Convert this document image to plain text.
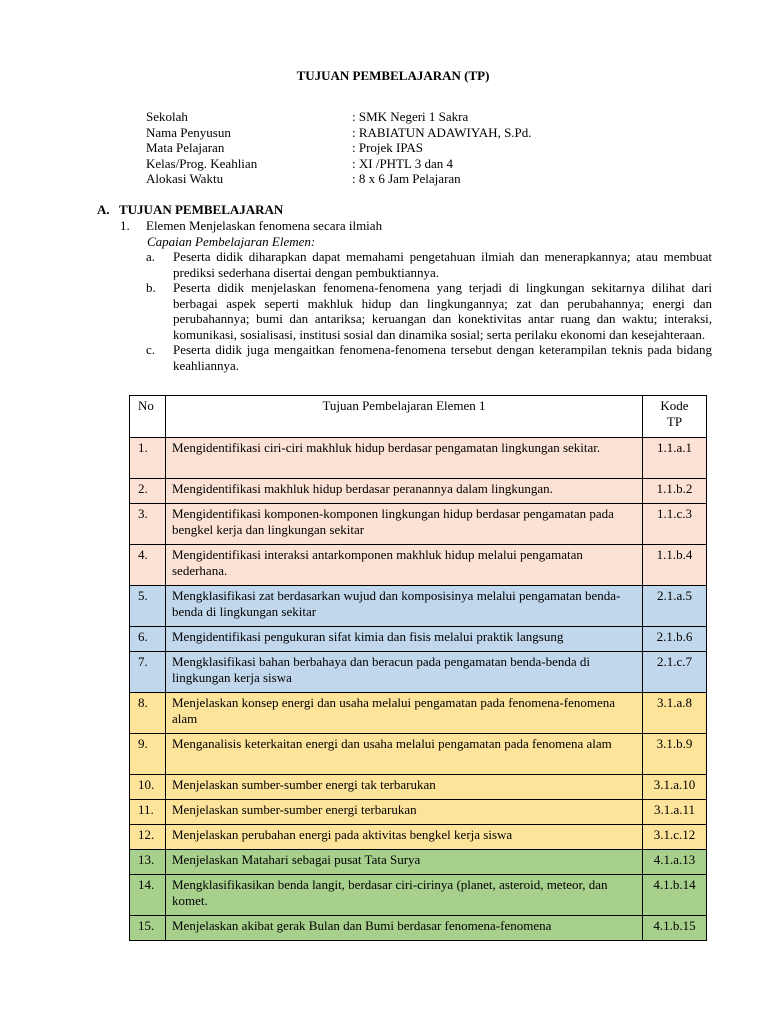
TUJUAN PEMBELAJARAN (TP)
Sekolah	: SMK Negeri 1 Sakra
Nama Penyusun	: RABIATUN ADAWIYAH, S.Pd.
Mata Pelajaran	: Projek IPAS
Kelas/Prog. Keahlian	: XI /PHTL 3 dan 4
Alokasi Waktu	: 8 x 6 Jam Pelajaran
A. TUJUAN PEMBELAJARAN
1.	Elemen Menjelaskan fenomena secara ilmiah
Capaian Pembelajaran Elemen:
a.	Peserta didik diharapkan dapat memahami pengetahuan ilmiah dan menerapkannya; atau membuat prediksi sederhana disertai dengan pembuktiannya.
b.	Peserta didik menjelaskan fenomena-fenomena yang terjadi di lingkungan sekitarnya dilihat dari berbagai aspek seperti makhluk hidup dan lingkungannya; zat dan perubahannya; energi dan perubahannya; bumi dan antariksa; keruangan dan konektivitas antar ruang dan waktu; interaksi, komunikasi, sosialisasi, institusi sosial dan dinamika sosial; serta perilaku ekonomi dan kesejahteraan.
c.	Peserta didik juga mengaitkan fenomena-fenomena tersebut dengan keterampilan teknis pada bidang keahliannya.
No	Tujuan Pembelajaran Elemen 1	Kode
TP
1.	Mengidentifikasi ciri-ciri makhluk hidup berdasar pengamatan lingkungan sekitar.	1.1.a.1
2.	Mengidentifikasi makhluk hidup berdasar peranannya dalam lingkungan.	1.1.b.2
3.	Mengidentifikasi komponen-komponen lingkungan hidup berdasar pengamatan pada bengkel kerja dan lingkungan sekitar	1.1.c.3
4.	Mengidentifikasi interaksi antarkomponen makhluk hidup melalui pengamatan sederhana.	1.1.b.4
5.	Mengklasifikasi zat berdasarkan wujud dan komposisinya melalui pengamatan benda-benda di lingkungan sekitar	2.1.a.5
6.	Mengidentifikasi pengukuran sifat kimia dan fisis melalui praktik langsung	2.1.b.6
7.	Mengklasifikasi bahan berbahaya dan beracun pada pengamatan benda-benda di lingkungan kerja siswa	2.1.c.7
8.	Menjelaskan konsep energi dan usaha melalui pengamatan pada fenomena-fenomena alam	3.1.a.8
9.	Menganalisis keterkaitan energi dan usaha melalui pengamatan pada fenomena alam	3.1.b.9
10.	Menjelaskan sumber-sumber energi tak terbarukan	3.1.a.10
11.	Menjelaskan sumber-sumber energi terbarukan	3.1.a.11
12.	Menjelaskan perubahan energi pada aktivitas bengkel kerja siswa	3.1.c.12
13.	Menjelaskan Matahari sebagai pusat Tata Surya	4.1.a.13
14.	Mengklasifikasikan benda langit, berdasar ciri-cirinya (planet, asteroid, meteor, dan komet.	4.1.b.14
15.	Menjelaskan akibat gerak Bulan dan Bumi berdasar fenomena-fenomena	4.1.b.15
